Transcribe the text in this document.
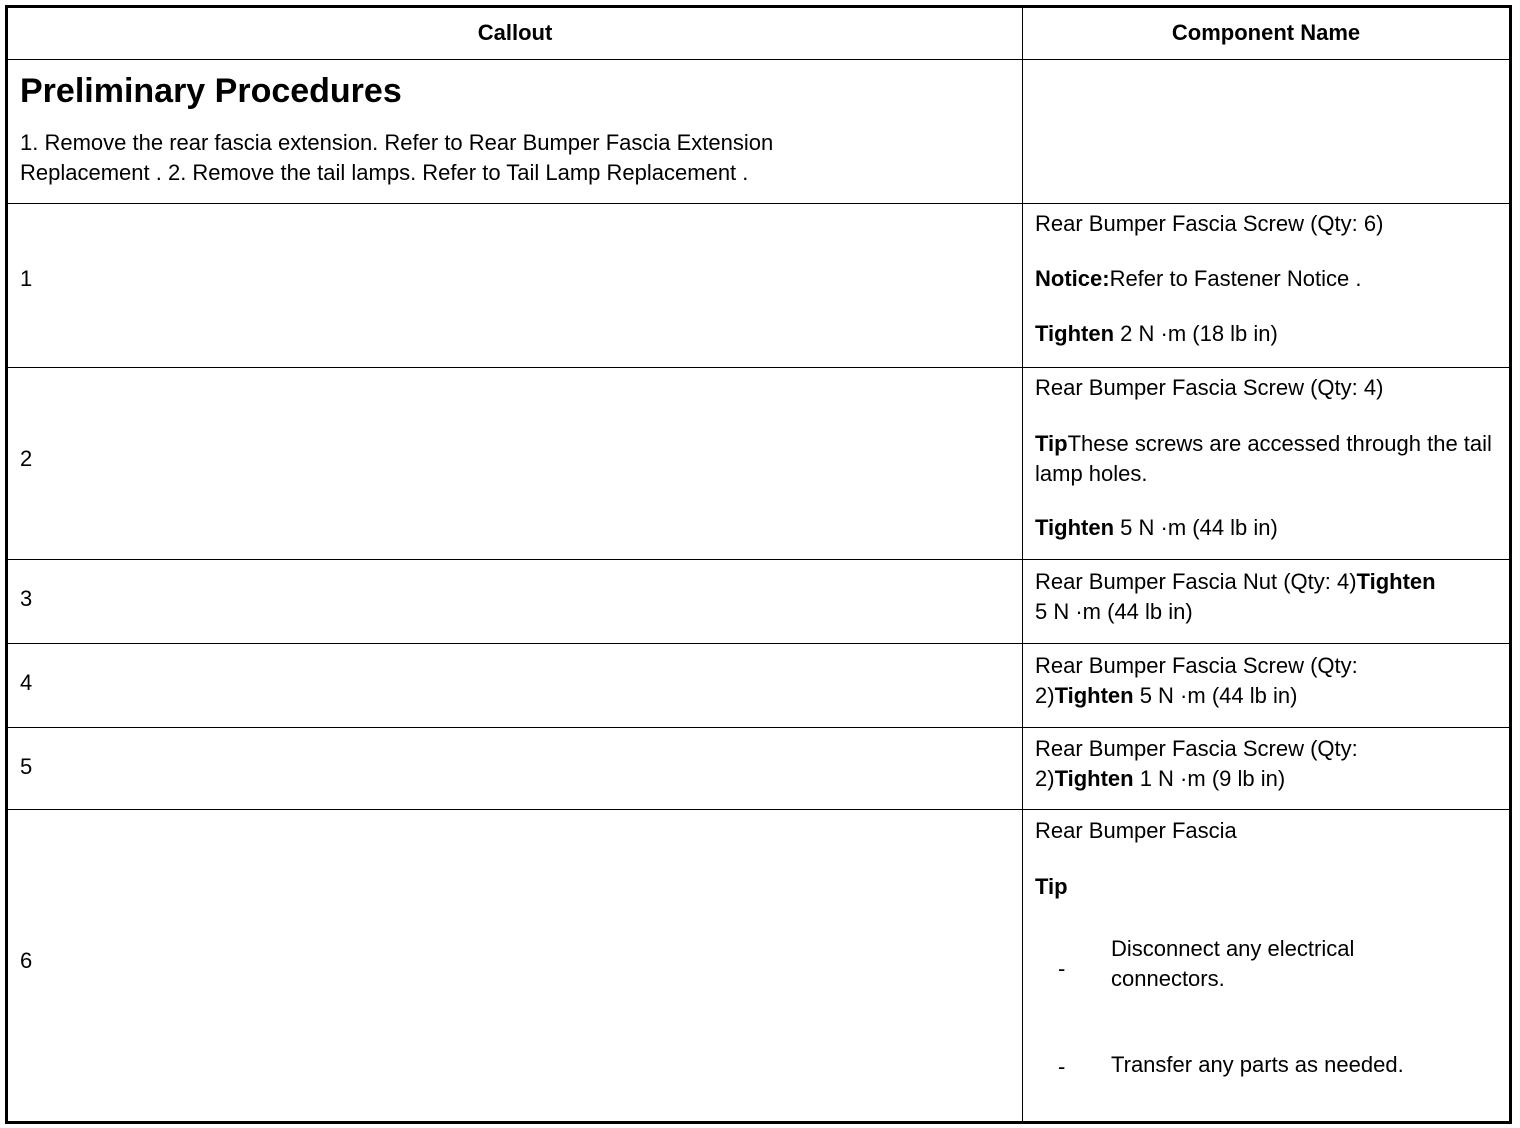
Callout	Component Name
Preliminary Procedures
1. Remove the rear fascia extension. Refer to Rear Bumper Fascia Extension Replacement . 2. Remove the tail lamps. Refer to Tail Lamp Replacement .
1
Rear Bumper Fascia Screw (Qty: 6)
Notice:Refer to Fastener Notice .
Tighten 2 N ·m (18 lb in)
2
Rear Bumper Fascia Screw (Qty: 4)
TipThese screws are accessed through the tail lamp holes.
Tighten 5 N ·m (44 lb in)
3
Rear Bumper Fascia Nut (Qty: 4)Tighten
5 N ·m (44 lb in)
4
Rear Bumper Fascia Screw (Qty: 2)Tighten 5 N ·m (44 lb in)
5
Rear Bumper Fascia Screw (Qty: 2)Tighten 1 N ·m (9 lb in)
6
Rear Bumper Fascia
Tip
-
Disconnect any electrical connectors.
- Transfer any parts as needed.
